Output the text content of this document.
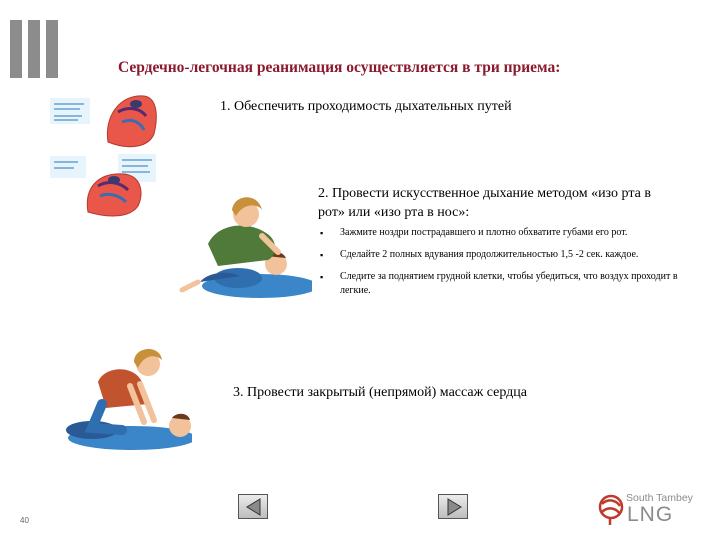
Сердечно-легочная реанимация осуществляется в три приема:
1. Обеспечить проходимость дыхательных путей
2. Провести искусственное дыхание методом «изо рта в рот» или «изо рта в нос»:
▪ Зажмите ноздри пострадавшего и плотно обхватите губами его рот.
▪ Сделайте 2 полных вдувания продолжительностью 1,5 -2 сек. каждое.
▪ Следите за поднятием грудной клетки, чтобы убедиться, что воздух проходит в легкие.
3. Провести закрытый (непрямой) массаж сердца
40
South Tambey
LNG
